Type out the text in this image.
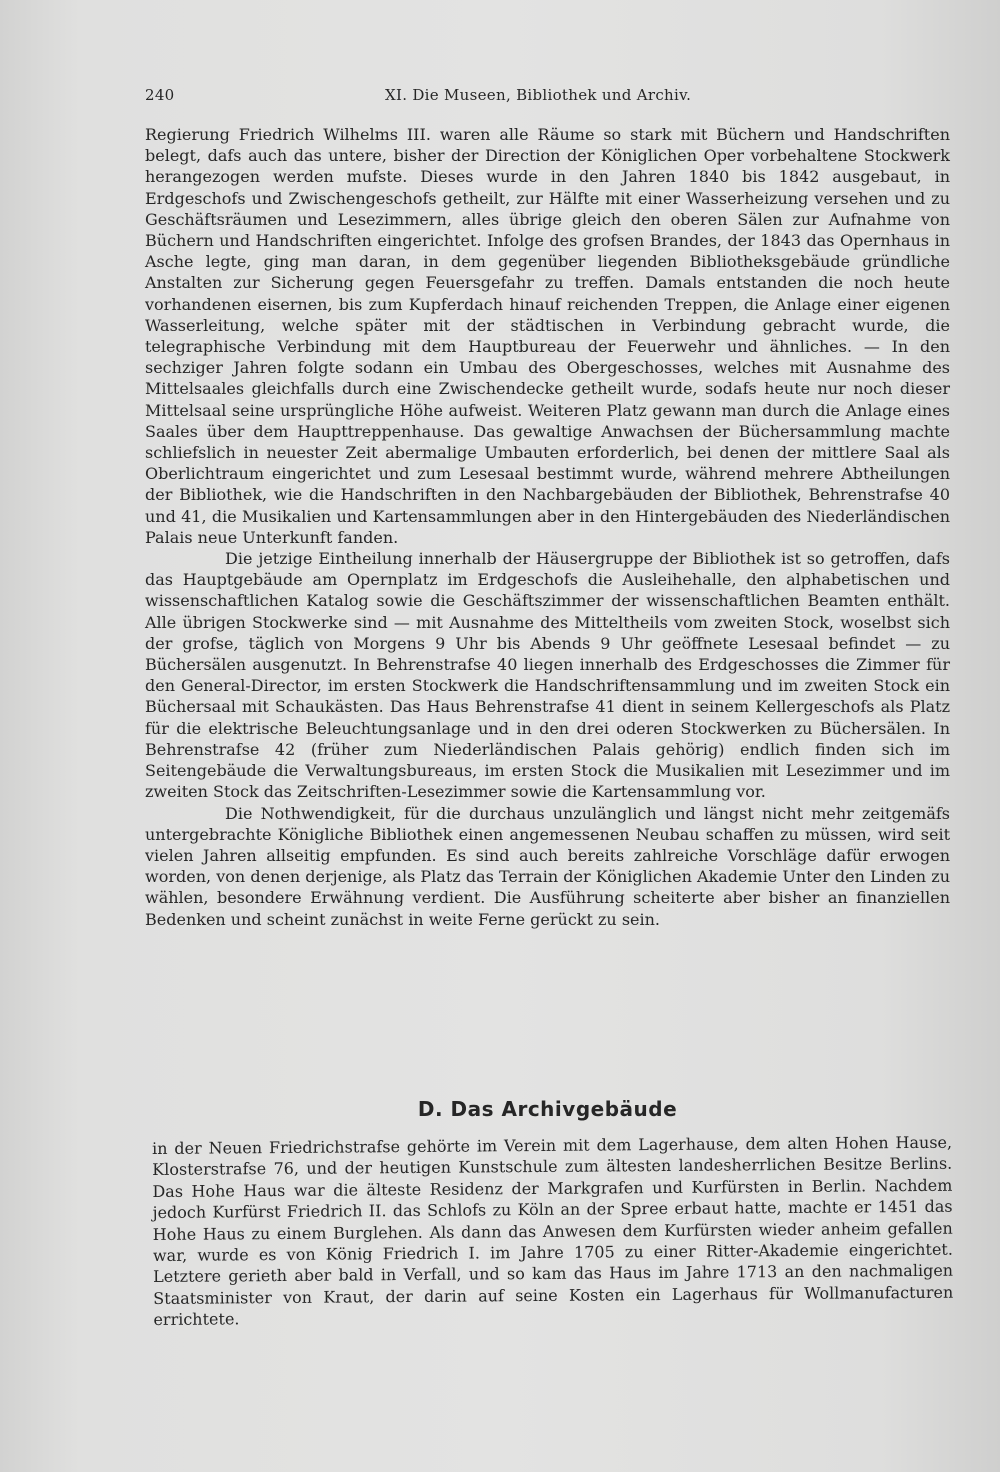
240	XI. Die Museen, Bibliothek und Archiv.

Regierung Friedrich Wilhelms III. waren alle Räume so stark mit Büchern und Handschriften belegt, dafs auch das untere, bisher der Direction der Königlichen Oper vorbehaltene Stockwerk herangezogen werden mufste. Dieses wurde in den Jahren 1840 bis 1842 ausgebaut, in Erdgeschofs und Zwischengeschofs getheilt, zur Hälfte mit einer Wasserheizung versehen und zu Geschäftsräumen und Lesezimmern, alles übrige gleich den oberen Sälen zur Aufnahme von Büchern und Handschriften eingerichtet. Infolge des grofsen Brandes, der 1843 das Opernhaus in Asche legte, ging man daran, in dem gegenüber liegenden Bibliotheksgebäude gründliche Anstalten zur Sicherung gegen Feuersgefahr zu treffen. Damals entstanden die noch heute vorhandenen eisernen, bis zum Kupferdach hinauf reichenden Treppen, die Anlage einer eigenen Wasserleitung, welche später mit der städtischen in Verbindung gebracht wurde, die telegraphische Verbindung mit dem Hauptbureau der Feuerwehr und ähnliches. — In den sechziger Jahren folgte sodann ein Umbau des Obergeschosses, welches mit Ausnahme des Mittelsaales gleichfalls durch eine Zwischendecke getheilt wurde, sodafs heute nur noch dieser Mittelsaal seine ursprüngliche Höhe aufweist. Weiteren Platz gewann man durch die Anlage eines Saales über dem Haupttreppenhause. Das gewaltige Anwachsen der Büchersammlung machte schliefslich in neuester Zeit abermalige Umbauten erforderlich, bei denen der mittlere Saal als Oberlichtraum eingerichtet und zum Lesesaal bestimmt wurde, während mehrere Abtheilungen der Bibliothek, wie die Handschriften in den Nachbargebäuden der Bibliothek, Behrenstrafse 40 und 41, die Musikalien und Kartensammlungen aber in den Hintergebäuden des Niederländischen Palais neue Unterkunft fanden.

Die jetzige Eintheilung innerhalb der Häusergruppe der Bibliothek ist so getroffen, dafs das Hauptgebäude am Opernplatz im Erdgeschofs die Ausleihehalle, den alphabetischen und wissenschaftlichen Katalog sowie die Geschäftszimmer der wissenschaftlichen Beamten enthält. Alle übrigen Stockwerke sind — mit Ausnahme des Mitteltheils vom zweiten Stock, woselbst sich der grofse, täglich von Morgens 9 Uhr bis Abends 9 Uhr geöffnete Lesesaal befindet — zu Büchersälen ausgenutzt. In Behrenstrafse 40 liegen innerhalb des Erdgeschosses die Zimmer für den General-Director, im ersten Stockwerk die Handschriftensammlung und im zweiten Stock ein Büchersaal mit Schaukästen. Das Haus Behrenstrafse 41 dient in seinem Kellergeschofs als Platz für die elektrische Beleuchtungsanlage und in den drei oderen Stockwerken zu Büchersälen. In Behrenstrafse 42 (früher zum Niederländischen Palais gehörig) endlich finden sich im Seitengebäude die Verwaltungsbureaus, im ersten Stock die Musikalien mit Lesezimmer und im zweiten Stock das Zeitschriften-Lesezimmer sowie die Kartensammlung vor.

Die Nothwendigkeit, für die durchaus unzulänglich und längst nicht mehr zeitgemäfs untergebrachte Königliche Bibliothek einen angemessenen Neubau schaffen zu müssen, wird seit vielen Jahren allseitig empfunden. Es sind auch bereits zahlreiche Vorschläge dafür erwogen worden, von denen derjenige, als Platz das Terrain der Königlichen Akademie Unter den Linden zu wählen, besondere Erwähnung verdient. Die Ausführung scheiterte aber bisher an finanziellen Bedenken und scheint zunächst in weite Ferne gerückt zu sein.

D. Das Archivgebäude

in der Neuen Friedrichstrafse gehörte im Verein mit dem Lagerhause, dem alten Hohen Hause, Klosterstrafse 76, und der heutigen Kunstschule zum ältesten landesherrlichen Besitze Berlins. Das Hohe Haus war die älteste Residenz der Markgrafen und Kurfürsten in Berlin. Nachdem jedoch Kurfürst Friedrich II. das Schlofs zu Köln an der Spree erbaut hatte, machte er 1451 das Hohe Haus zu einem Burglehen. Als dann das Anwesen dem Kurfürsten wieder anheim gefallen war, wurde es von König Friedrich I. im Jahre 1705 zu einer Ritter-Akademie eingerichtet. Letztere gerieth aber bald in Verfall, und so kam das Haus im Jahre 1713 an den nachmaligen Staatsminister von Kraut, der darin auf seine Kosten ein Lagerhaus für Wollmanufacturen errichtete.
